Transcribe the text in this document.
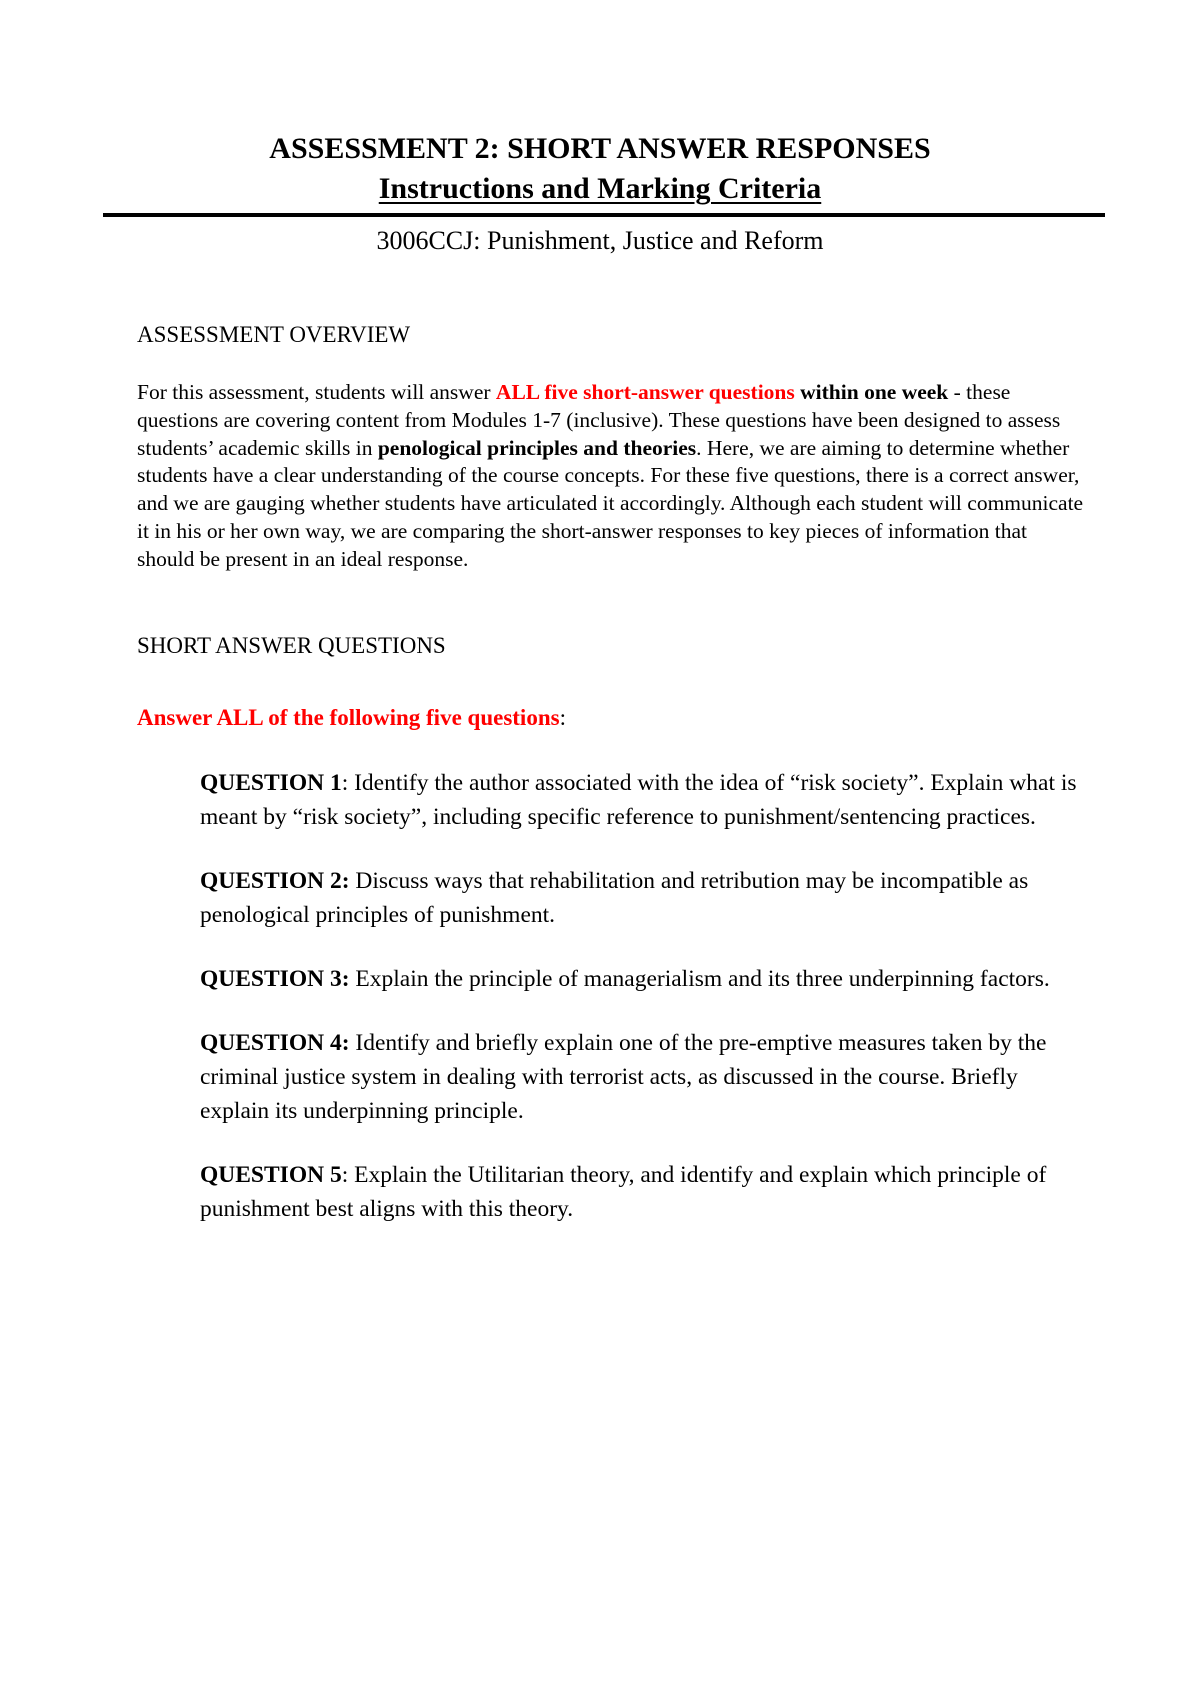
ASSESSMENT 2: SHORT ANSWER RESPONSES
Instructions and Marking Criteria
3006CCJ: Punishment, Justice and Reform
ASSESSMENT OVERVIEW

For this assessment, students will answer ALL five short-answer questions within one week - these questions are covering content from Modules 1-7 (inclusive). These questions have been designed to assess students’ academic skills in penological principles and theories. Here, we are aiming to determine whether students have a clear understanding of the course concepts. For these five questions, there is a correct answer, and we are gauging whether students have articulated it accordingly. Although each student will communicate it in his or her own way, we are comparing the short-answer responses to key pieces of information that should be present in an ideal response.

SHORT ANSWER QUESTIONS
Answer ALL of the following five questions:

QUESTION 1: Identify the author associated with the idea of “risk society”. Explain what is meant by “risk society”, including specific reference to punishment/sentencing practices.

QUESTION 2: Discuss ways that rehabilitation and retribution may be incompatible as penological principles of punishment.

QUESTION 3: Explain the principle of managerialism and its three underpinning factors.

QUESTION 4: Identify and briefly explain one of the pre-emptive measures taken by the criminal justice system in dealing with terrorist acts, as discussed in the course. Briefly explain its underpinning principle.

QUESTION 5: Explain the Utilitarian theory, and identify and explain which principle of punishment best aligns with this theory.
